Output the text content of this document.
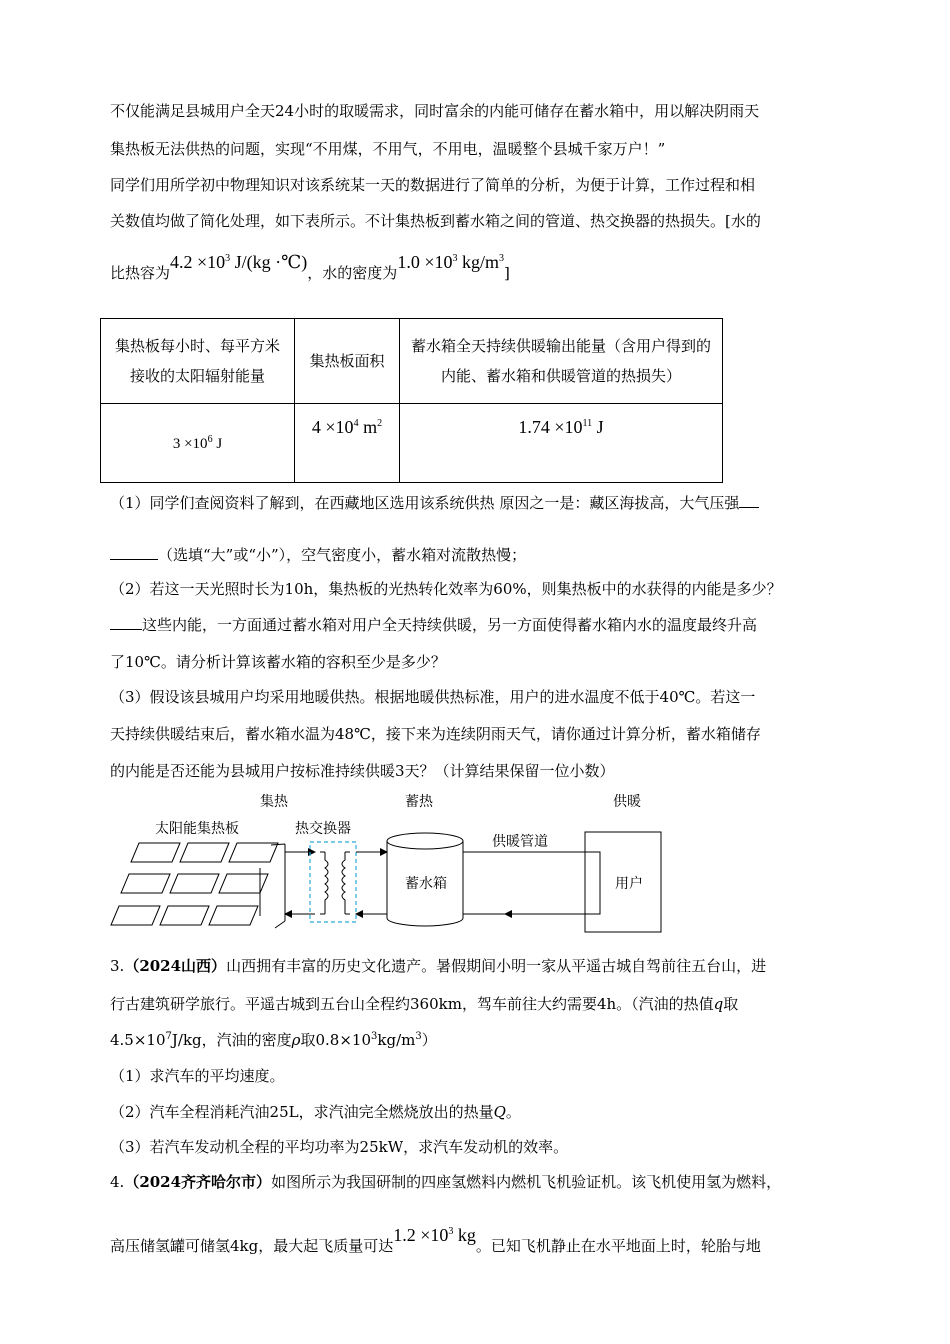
不仅能满足县城用户全天24小时的取暖需求，同时富余的内能可储存在蓄水箱中，用以解决阴雨天
集热板无法供热的问题，实现“不用煤，不用气，不用电，温暖整个县城千家万户！”
同学们用所学初中物理知识对该系统某一天的数据进行了简单的分析，为便于计算，工作过程和相
关数值均做了简化处理，如下表所示。不计集热板到蓄水箱之间的管道、热交换器的热损失。[水的
比热容为$4.2 \times 10^3$ J/(kg ·℃)，水的密度为$1.0 \times 10^3$ $kg/m^3$]
集热板每小时、每平方米接收的太阳辐射能量	集热板面积	蓄水箱全天持续供暖输出能量（含用户得到的内能、蓄水箱和供暖管道的热损失）
$3 \times 10^6$ J	$4 \times 10^4$ $m^2$	$1.74 \times 10^{11}$ J
（1）同学们查阅资料了解到，在西藏地区选用该系统供热 原因之一是：藏区海拔高，大气压强
（选填“大”或“小”），空气密度小，蓄水箱对流散热慢；
（2）若这一天光照时长为10h，集热板的光热转化效率为60%，则集热板中的水获得的内能是多少？
这些内能，一方面通过蓄水箱对用户全天持续供暖，另一方面使得蓄水箱内水的温度最终升高
了10℃。请分析计算该蓄水箱的容积至少是多少？
（3）假设该县城用户均采用地暖供热。根据地暖供热标准，用户的进水温度不低于40℃。若这一
天持续供暖结束后，蓄水箱水温为48℃，接下来为连续阴雨天气，请你通过计算分析，蓄水箱储存
的内能是否还能为县城用户按标准持续供暖3天？（计算结果保留一位小数）
集热	蓄热	供暖
太阳能集热板	热交换器
供暖管道
蓄水箱	用户
3.（2024山西）山西拥有丰富的历史文化遗产。暑假期间小明一家从平遥古城自驾前往五台山，进
行古建筑研学旅行。平遥古城到五台山全程约360km，驾车前往大约需要4h。（汽油的热值q取
$4.5\times 10^7J/kg$，汽油的密度ρ取$0.8\times 10^3kg/m^3$）
（1）求汽车的平均速度。
（2）汽车全程消耗汽油25L，求汽油完全燃烧放出的热量Q。
（3）若汽车发动机全程的平均功率为25kW，求汽车发动机的效率。
4.（2024齐齐哈尔市）如图所示为我国研制的四座氢燃料内燃机飞机验证机。该飞机使用氢为燃料，
高压储氢罐可储氢4kg，最大起飞质量可达$1.2 \times 10^3$ kg。已知飞机静止在水平地面上时，轮胎与地
